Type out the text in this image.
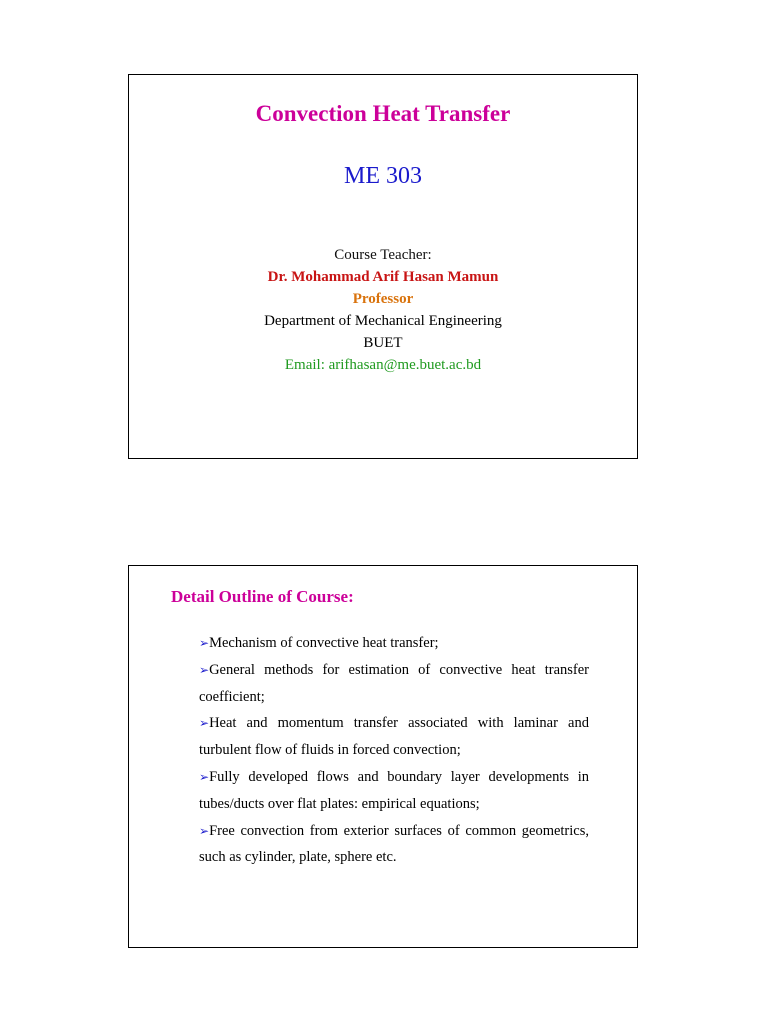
Convection Heat Transfer
ME 303
Course Teacher:
Dr. Mohammad Arif Hasan Mamun
Professor
Department of Mechanical Engineering
BUET
Email: arifhasan@me.buet.ac.bd
Detail Outline of Course:
➢Mechanism of convective heat transfer;
➢General methods for estimation of convective heat transfer coefficient;
➢Heat and momentum transfer associated with laminar and turbulent flow of fluids in forced convection;
➢Fully developed flows and boundary layer developments in tubes/ducts over flat plates: empirical equations;
➢Free convection from exterior surfaces of common geometrics, such as cylinder, plate, sphere etc.
